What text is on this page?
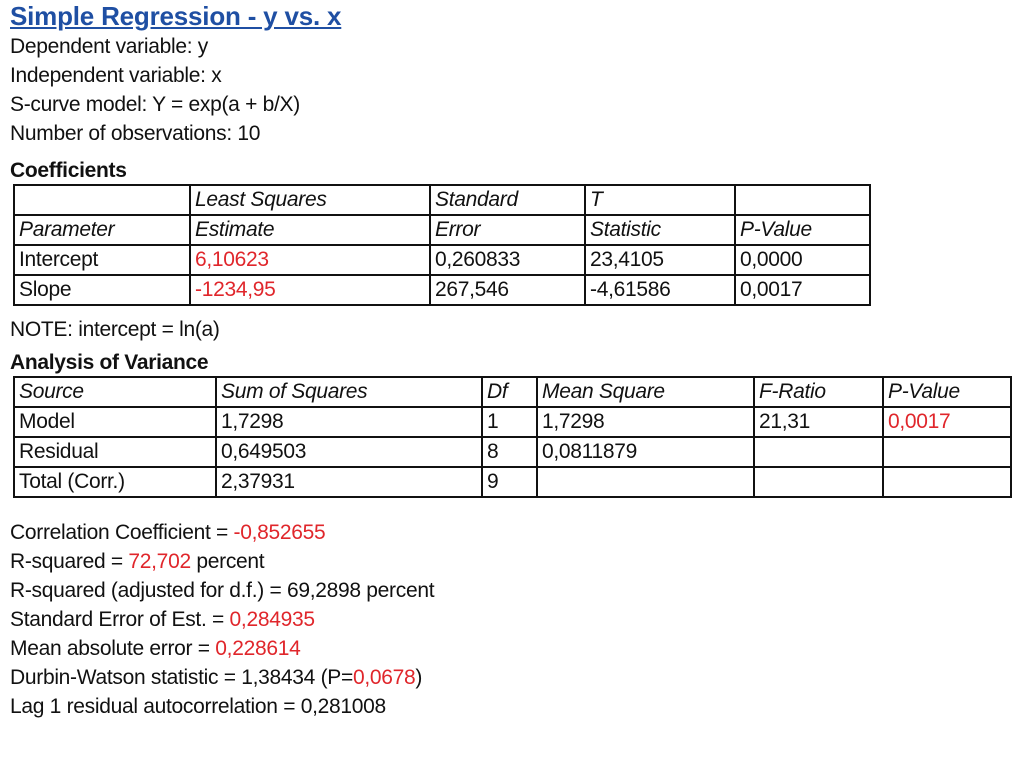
Simple Regression - y vs. x
Dependent variable: y
Independent variable: x
S-curve model: Y = exp(a + b/X)
Number of observations: 10
Coefficients
	Least Squares	Standard	T	
Parameter	Estimate	Error	Statistic	P-Value
Intercept	6,10623	0,260833	23,4105	0,0000
Slope	-1234,95	267,546	-4,61586	0,0017
NOTE: intercept = ln(a)
Analysis of Variance
Source	Sum of Squares	Df	Mean Square	F-Ratio	P-Value
Model	1,7298	1	1,7298	21,31	0,0017
Residual	0,649503	8	0,0811879		
Total (Corr.)	2,37931	9			
Correlation Coefficient = -0,852655
R-squared = 72,702 percent
R-squared (adjusted for d.f.) = 69,2898 percent
Standard Error of Est. = 0,284935
Mean absolute error = 0,228614
Durbin-Watson statistic = 1,38434 (P=0,0678)
Lag 1 residual autocorrelation = 0,281008
